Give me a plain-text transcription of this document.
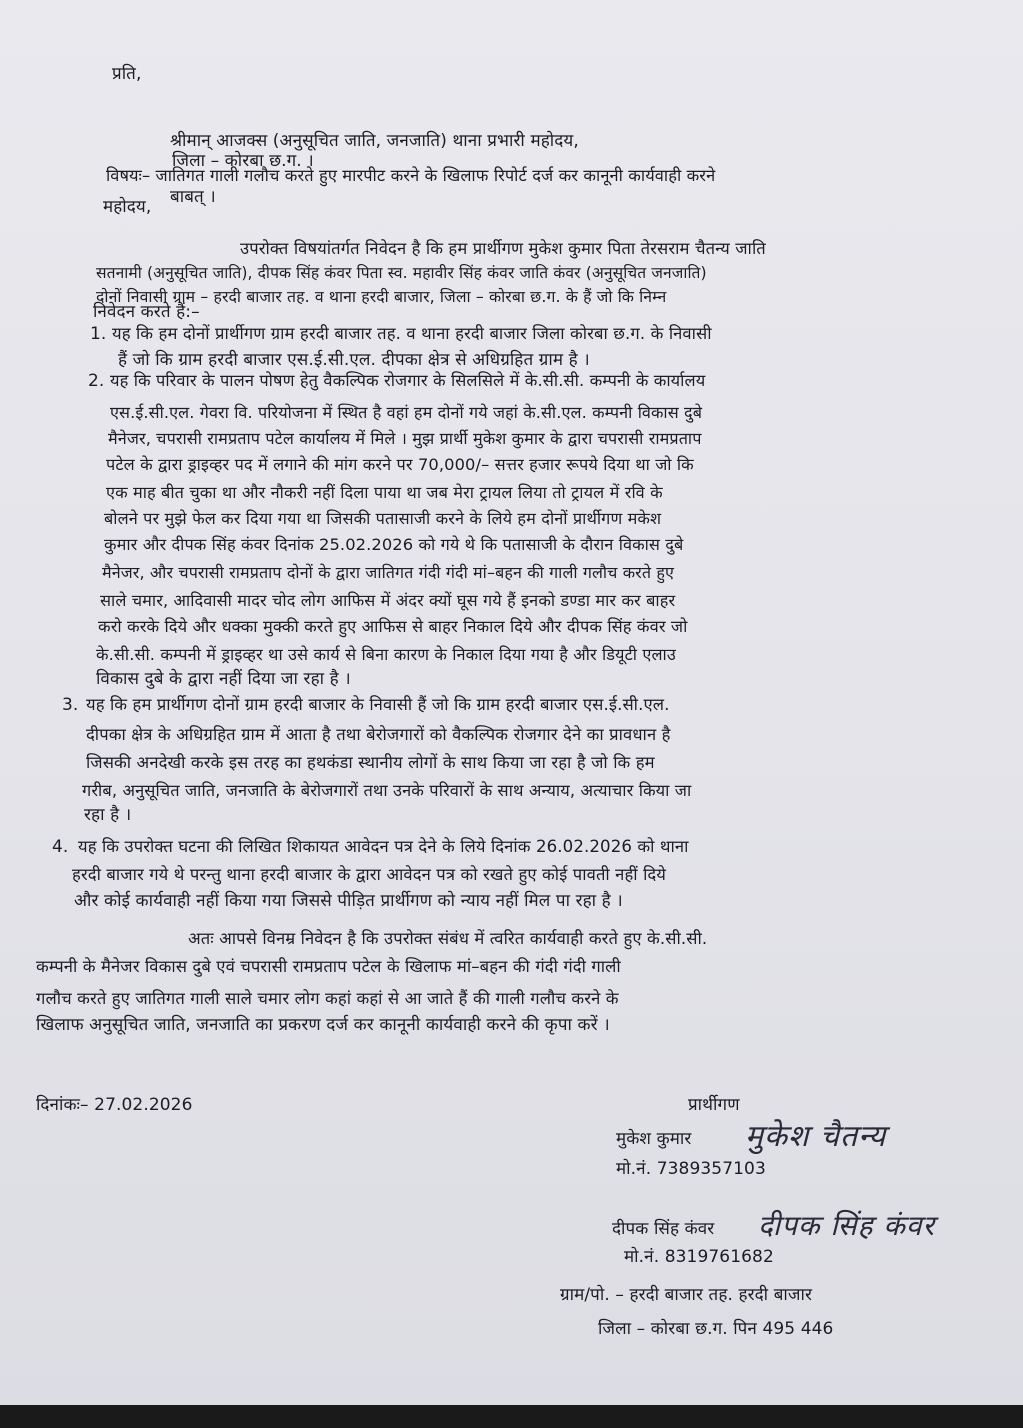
प्रति,
श्रीमान् आजक्स (अनुसूचित जाति, जनजाति) थाना प्रभारी महोदय,
जिला – कोरबा छ.ग. ।
विषयः– जातिगत गाली गलौच करते हुए मारपीट करने के खिलाफ रिपोर्ट दर्ज कर कानूनी कार्यवाही करने
बाबत् ।
महोदय,
उपरोक्त विषयांतर्गत निवेदन है कि हम प्रार्थीगण मुकेश कुमार पिता तेरसराम चैतन्य जाति
सतनामी (अनुसूचित जाति), दीपक सिंह कंवर पिता स्व. महावीर सिंह कंवर जाति कंवर (अनुसूचित जनजाति)
दोनों निवासी ग्राम – हरदी बाजार तह. व थाना हरदी बाजार, जिला – कोरबा छ.ग. के हैं जो कि निम्न
निवेदन करते हैं:–
1. यह कि हम दोनों प्रार्थीगण ग्राम हरदी बाजार तह. व थाना हरदी बाजार जिला कोरबा छ.ग. के निवासी
हैं जो कि ग्राम हरदी बाजार एस.ई.सी.एल. दीपका क्षेत्र से अधिग्रहित ग्राम है ।
2. यह कि परिवार के पालन पोषण हेतु वैकल्पिक रोजगार के सिलसिले में के.सी.सी. कम्पनी के कार्यालय
एस.ई.सी.एल. गेवरा वि. परियोजना में स्थित है वहां हम दोनों गये जहां के.सी.एल. कम्पनी विकास दुबे
मैनेजर, चपरासी रामप्रताप पटेल कार्यालय में मिले । मुझ प्रार्थी मुकेश कुमार के द्वारा चपरासी रामप्रताप
पटेल के द्वारा ड्राइव्हर पद में लगाने की मांग करने पर 70,000/– सत्तर हजार रूपये दिया था जो कि
एक माह बीत चुका था और नौकरी नहीं दिला पाया था जब मेरा ट्रायल लिया तो ट्रायल में रवि के
बोलने पर मुझे फेल कर दिया गया था जिसकी पतासाजी करने के लिये हम दोनों प्रार्थीगण मकेश
कुमार और दीपक सिंह कंवर दिनांक 25.02.2026 को गये थे कि पतासाजी के दौरान विकास दुबे
मैनेजर, और चपरासी रामप्रताप दोनों के द्वारा जातिगत गंदी गंदी मां–बहन की गाली गलौच करते हुए
साले चमार, आदिवासी मादर चोद लोग आफिस में अंदर क्यों घूस गये हैं इनको डण्डा मार कर बाहर
करो करके दिये और धक्का मुक्की करते हुए आफिस से बाहर निकाल दिये और दीपक सिंह कंवर जो
के.सी.सी. कम्पनी में ड्राइव्हर था उसे कार्य से बिना कारण के निकाल दिया गया है और डियूटी एलाउ
विकास दुबे के द्वारा नहीं दिया जा रहा है ।
3. यह कि हम प्रार्थीगण दोनों ग्राम हरदी बाजार के निवासी हैं जो कि ग्राम हरदी बाजार एस.ई.सी.एल.
दीपका क्षेत्र के अधिग्रहित ग्राम में आता है तथा बेरोजगारों को वैकल्पिक रोजगार देने का प्रावधान है
जिसकी अनदेखी करके इस तरह का हथकंडा स्थानीय लोगों के साथ किया जा रहा है जो कि हम
गरीब, अनुसूचित जाति, जनजाति के बेरोजगारों तथा उनके परिवारों के साथ अन्याय, अत्याचार किया जा
रहा है ।
4. यह कि उपरोक्त घटना की लिखित शिकायत आवेदन पत्र देने के लिये दिनांक 26.02.2026 को थाना
हरदी बाजार गये थे परन्तु थाना हरदी बाजार के द्वारा आवेदन पत्र को रखते हुए कोई पावती नहीं दिये
और कोई कार्यवाही नहीं किया गया जिससे पीड़ित प्रार्थीगण को न्याय नहीं मिल पा रहा है ।
अतः आपसे विनम्र निवेदन है कि उपरोक्त संबंध में त्वरित कार्यवाही करते हुए के.सी.सी.
कम्पनी के मैनेजर विकास दुबे एवं चपरासी रामप्रताप पटेल के खिलाफ मां–बहन की गंदी गंदी गाली
गलौच करते हुए जातिगत गाली साले चमार लोग कहां कहां से आ जाते हैं की गाली गलौच करने के
खिलाफ अनुसूचित जाति, जनजाति का प्रकरण दर्ज कर कानूनी कार्यवाही करने की कृपा करें ।
दिनांकः– 27.02.2026	प्रार्थीगण
मुकेश कुमार मुकेश चैतन्य
मो.नं. 7389357103
दीपक सिंह कंवर दीपक सिंह कंवर
मो.नं. 8319761682
ग्राम/पो. – हरदी बाजार तह. हरदी बाजार
जिला – कोरबा छ.ग. पिन 495 446
